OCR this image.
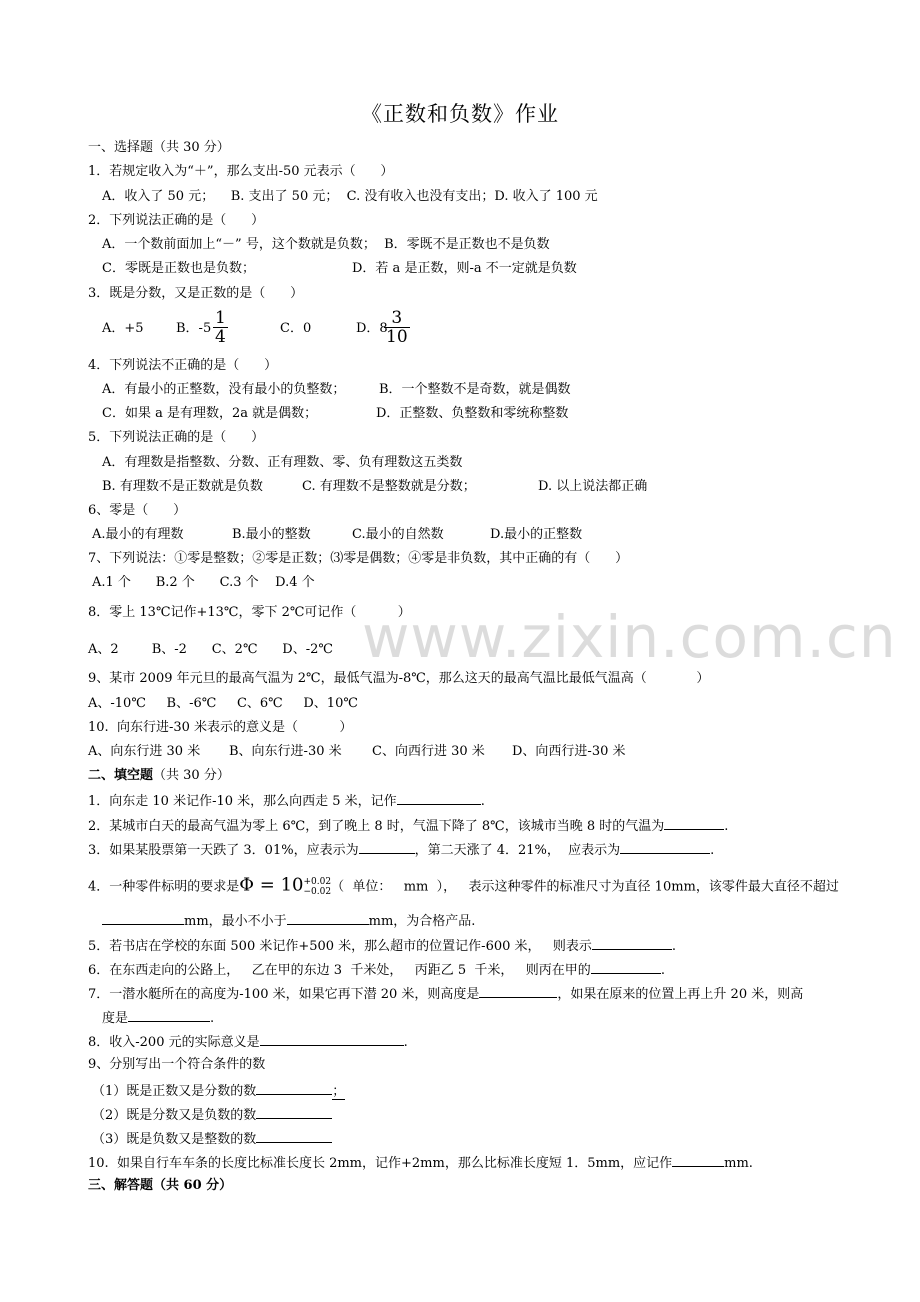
www.zixin.com.cn
《正数和负数》作业
一、选择题（共 30 分）
1．若规定收入为“＋”，那么支出-50 元表示（      ）
A．收入了 50 元；    B. 支出了 50 元；  C. 没有收入也没有支出；D. 收入了 100 元
2．下列说法正确的是（      ）
A．一个数前面加上“－” 号，这个数就是负数；  B．零既不是正数也不是负数
C．零既是正数也是负数；	D．若 a 是正数，则-a 不一定就是负数
3．既是分数，又是正数的是（      ）
A．+5 B．$-5 \frac{1}{4}$	C．0	D．8
$\frac{3}{10}$
4．下列说法不正确的是（      ）
A．有最小的正整数，没有最小的负整数；	B．一个整数不是奇数，就是偶数
C．如果 a 是有理数，2a 就是偶数；	D．正整数、负整数和零统称整数
5．下列说法正确的是（      ）
A．有理数是指整数、分数、正有理数、零、负有理数这五类数
B. 有理数不是正数就是负数	C. 有理数不是整数就是分数；	D. 以上说法都正确
6、零是（      ）
A.最小的有理数	B.最小的整数	C.最小的自然数	D.最小的正整数
7、下列说法：①零是整数；②零是正数；⑶零是偶数；④零是非负数，其中正确的有（      ）
A.1 个      B.2 个      C.3 个    D.4 个
8．零上 13℃记作+13℃，零下 2℃可记作（          ）
A、2        B、-2      C、2℃      D、-2℃
9、某市 2009 年元旦的最高气温为 2℃，最低气温为-8℃，那么这天的最高气温比最低气温高（            ）
A、-10℃     B、-6℃     C、6℃     D、10℃
10.  向东行进-30 米表示的意义是（          ）
A、向东行进 30 米 B、向东行进-30 米 C、向西行进 30 米 D、向西行进-30 米
二、填空题（共 30 分）
1．向东走 10 米记作-10 米，那么向西走 5 米，记作	.
2．某城市白天的最高气温为零上 6℃，到了晚上 8 时，气温下降了 8℃，该城市当晚 8 时的气温为	.
3．如果某股票第一天跌了 3．01%，应表示为	，第二天涨了 4．21%，  应表示为	.
4．一种零件标明的要求是Φ = 10 +0.02
−0.02 （  单位：   mm  ），   表示这种零件的标准尺寸为直径 10mm，该零件最大直径不超过
mm，最小不小于	mm，为合格产品.
5．若书店在学校的东面 500 米记作+500 米，那么超市的位置记作-600 米，   则表示	.
6．在东西走向的公路上，   乙在甲的东边 3  千米处，   丙距乙 5  千米，   则丙在甲的	.
7．一潜水艇所在的高度为-100 米，如果它再下潜 20 米，则高度是	，如果在原来的位置上再上升 20 米，则高
度是	.
8．收入-200 元的实际意义是	.
9、分别写出一个符合条件的数
（1）既是正数又是分数的数	；
（2）既是分数又是负数的数
（3）既是负数又是整数的数
10.  如果自行车车条的长度比标准长度长 2mm，记作+2mm，那么比标准长度短 1．5mm，应记作	mm.
三、解答题（共 60 分）
